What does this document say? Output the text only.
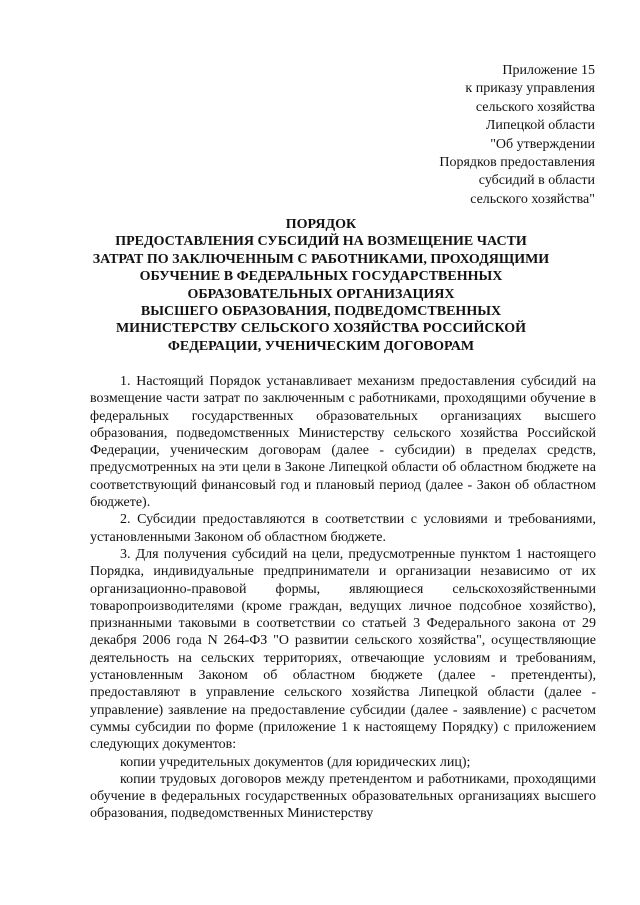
Приложение 15
к приказу управления
сельского хозяйства
Липецкой области
"Об утверждении
Порядков предоставления
субсидий в области
сельского хозяйства"
ПОРЯДОК
ПРЕДОСТАВЛЕНИЯ СУБСИДИЙ НА ВОЗМЕЩЕНИЕ ЧАСТИ
ЗАТРАТ ПО ЗАКЛЮЧЕННЫМ С РАБОТНИКАМИ, ПРОХОДЯЩИМИ
ОБУЧЕНИЕ В ФЕДЕРАЛЬНЫХ ГОСУДАРСТВЕННЫХ
ОБРАЗОВАТЕЛЬНЫХ ОРГАНИЗАЦИЯХ
ВЫСШЕГО ОБРАЗОВАНИЯ, ПОДВЕДОМСТВЕННЫХ
МИНИСТЕРСТВУ СЕЛЬСКОГО ХОЗЯЙСТВА РОССИЙСКОЙ
ФЕДЕРАЦИИ, УЧЕНИЧЕСКИМ ДОГОВОРАМ

1. Настоящий Порядок устанавливает механизм предоставления субсидий на возмещение части затрат по заключенным с работниками, проходящими обучение в федеральных государственных образовательных организациях высшего образования, подведомственных Министерству сельского хозяйства Российской Федерации, ученическим договорам (далее - субсидии) в пределах средств, предусмотренных на эти цели в Законе Липецкой области об областном бюджете на соответствующий финансовый год и плановый период (далее - Закон об областном бюджете).

2. Субсидии предоставляются в соответствии с условиями и требованиями, установленными Законом об областном бюджете.

3. Для получения субсидий на цели, предусмотренные пунктом 1 настоящего Порядка, индивидуальные предприниматели и организации независимо от их организационно-правовой формы, являющиеся сельскохозяйственными товаропроизводителями (кроме граждан, ведущих личное подсобное хозяйство), признанными таковыми в соответствии со статьей 3 Федерального закона от 29 декабря 2006 года N 264-ФЗ "О развитии сельского хозяйства", осуществляющие деятельность на сельских территориях, отвечающие условиям и требованиям, установленным Законом об областном бюджете (далее - претенденты), предоставляют в управление сельского хозяйства Липецкой области (далее - управление) заявление на предоставление субсидии (далее - заявление) с расчетом суммы субсидии по форме (приложение 1 к настоящему Порядку) с приложением следующих документов:

копии учредительных документов (для юридических лиц);

копии трудовых договоров между претендентом и работниками, проходящими обучение в федеральных государственных образовательных организациях высшего образования, подведомственных Министерству
